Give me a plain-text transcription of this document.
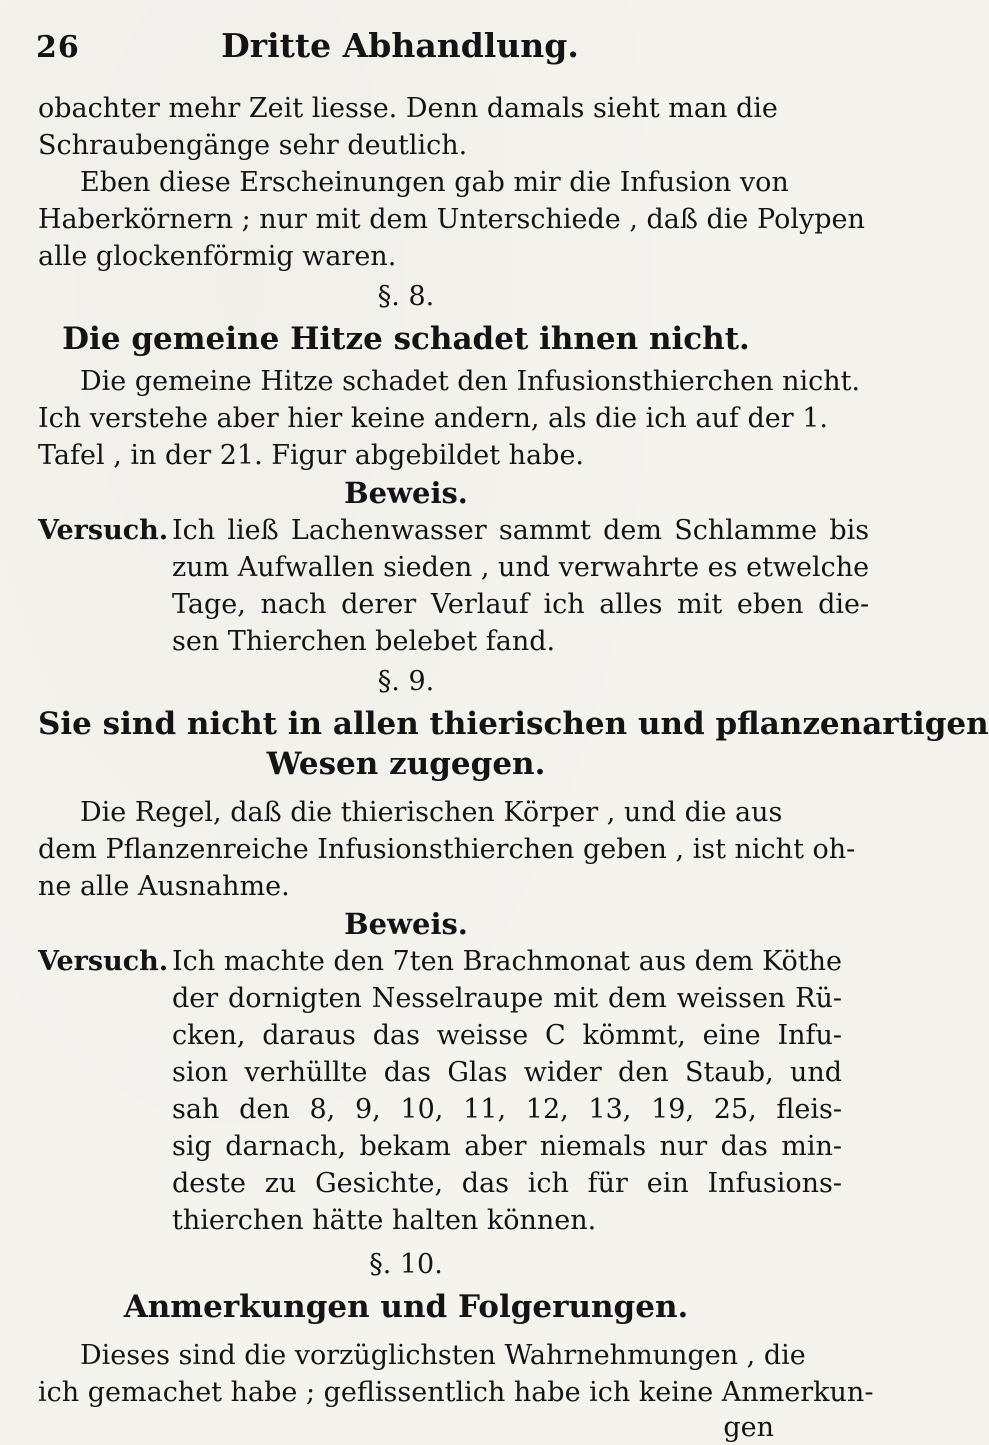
26	Dritte Abhandlung.
obachter mehr Zeit liesse. Denn damals sieht man die
Schraubengänge sehr deutlich.
Eben diese Erscheinungen gab mir die Infusion von
Haberkörnern ; nur mit dem Unterschiede , daß die Polypen
alle glockenförmig waren.
§. 8.
Die gemeine Hitze schadet ihnen nicht.
Die gemeine Hitze schadet den Infusionsthierchen nicht.
Ich verstehe aber hier keine andern, als die ich auf der 1.
Tafel , in der 21. Figur abgebildet habe.
Beweis.
Versuch. Ich ließ Lachenwasser sammt dem Schlamme bis
zum Aufwallen sieden , und verwahrte es etwelche
Tage, nach derer Verlauf ich alles mit eben die-
sen Thierchen belebet fand.
§. 9.
Sie sind nicht in allen thierischen und pflanzenartigen
Wesen zugegen.
Die Regel, daß die thierischen Körper , und die aus
dem Pflanzenreiche Infusionsthierchen geben , ist nicht oh-
ne alle Ausnahme.
Beweis.
Versuch. Ich machte den 7ten Brachmonat aus dem Köthe
der dornigten Nesselraupe mit dem weissen Rü-
cken, daraus das weisse C kömmt, eine Infu-
sion verhüllte das Glas wider den Staub, und
sah den 8, 9, 10, 11, 12, 13, 19, 25, fleis-
sig darnach, bekam aber niemals nur das min-
deste zu Gesichte, das ich für ein Infusions-
thierchen hätte halten können.
§. 10.
Anmerkungen und Folgerungen.
Dieses sind die vorzüglichsten Wahrnehmungen , die
ich gemachet habe ; geflissentlich habe ich keine Anmerkun-
gen
